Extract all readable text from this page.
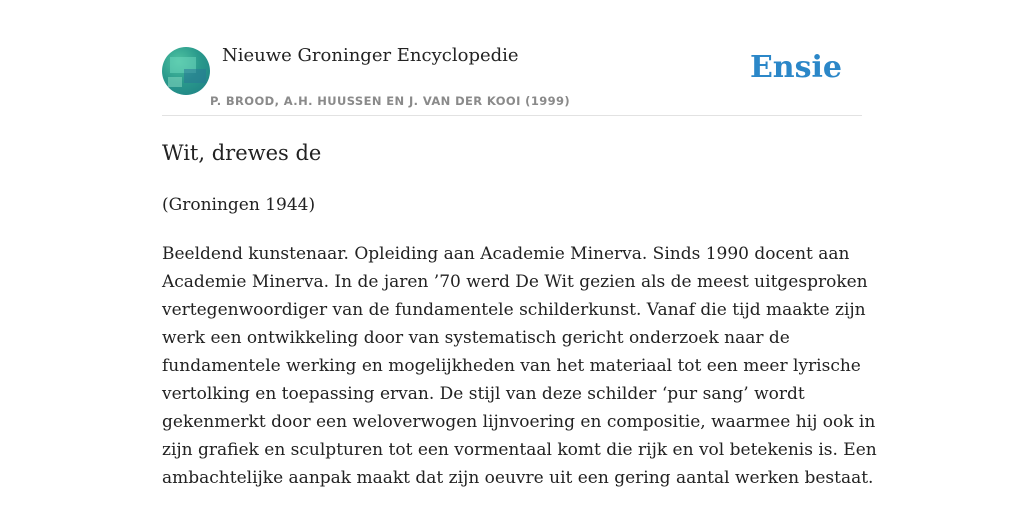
Nieuwe Groninger Encyclopedie
P. BROOD, A.H. HUUSSEN EN J. VAN DER KOOI (1999)
Ensie
Wit, drewes de
(Groningen 1944)
Beeldend kunstenaar. Opleiding aan Academie Minerva. Sinds 1990 docent aan
Academie Minerva. In de jaren ’70 werd De Wit gezien als de meest uitgesproken
vertegenwoordiger van de fundamentele schilderkunst. Vanaf die tijd maakte zijn
werk een ontwikkeling door van systematisch gericht onderzoek naar de
fundamentele werking en mogelijkheden van het materiaal tot een meer lyrische
vertolking en toepassing ervan. De stijl van deze schilder ‘pur sang’ wordt
gekenmerkt door een weloverwogen lijnvoering en compositie, waarmee hij ook in
zijn grafiek en sculpturen tot een vormentaal komt die rijk en vol betekenis is. Een
ambachtelijke aanpak maakt dat zijn oeuvre uit een gering aantal werken bestaat.
